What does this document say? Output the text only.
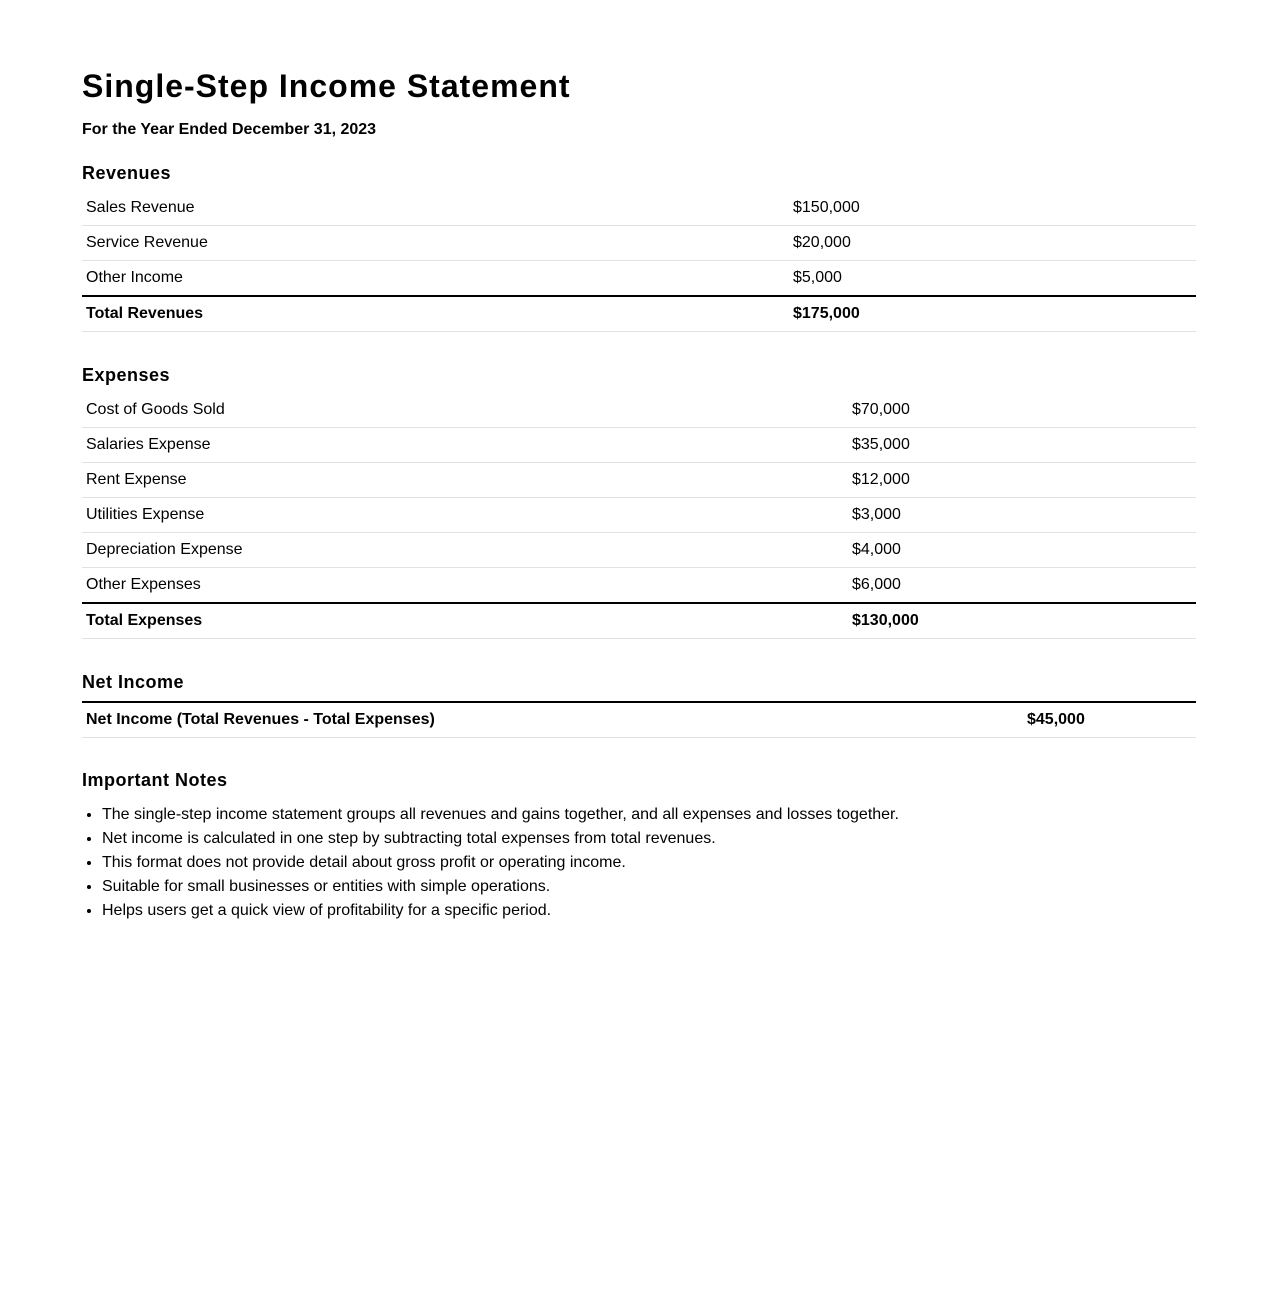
Single-Step Income Statement
For the Year Ended December 31, 2023
Revenues
Sales Revenue	$150,000
Service Revenue	$20,000
Other Income	$5,000
Total Revenues	$175,000
Expenses
Cost of Goods Sold	$70,000
Salaries Expense	$35,000
Rent Expense	$12,000
Utilities Expense	$3,000
Depreciation Expense	$4,000
Other Expenses	$6,000
Total Expenses	$130,000
Net Income
Net Income (Total Revenues - Total Expenses)	$45,000
Important Notes
• The single-step income statement groups all revenues and gains together, and all expenses and losses together.
• Net income is calculated in one step by subtracting total expenses from total revenues.
• This format does not provide detail about gross profit or operating income.
• Suitable for small businesses or entities with simple operations.
• Helps users get a quick view of profitability for a specific period.
